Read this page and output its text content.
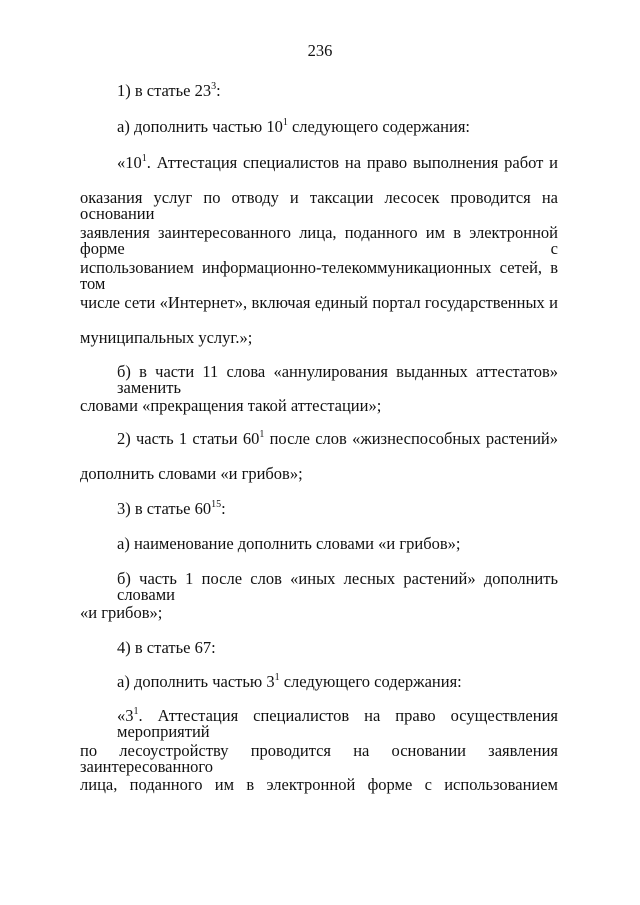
236
1) в статье $23^3$:
а) дополнить частью $10^1$ следующего содержания:
«$10^1$. Аттестация специалистов на право выполнения работ и
оказания услуг по отводу и таксации лесосек проводится на основании
заявления заинтересованного лица, поданного им в электронной форме с
использованием информационно-телекоммуникационных сетей, в том
числе сети «Интернет», включая единый портал государственных и
муниципальных услуг.»;
б) в части 11 слова «аннулирования выданных аттестатов» заменить
словами «прекращения такой аттестации»;
2) часть 1 статьи $60^1$ после слов «жизнеспособных растений»
дополнить словами «и грибов»;
3) в статье $60^{15}$:
а) наименование дополнить словами «и грибов»;
б) часть 1 после слов «иных лесных растений» дополнить словами
«и грибов»;
4) в статье 67:
а) дополнить частью $3^1$ следующего содержания:
«$3^1$. Аттестация специалистов на право осуществления мероприятий
по лесоустройству проводится на основании заявления заинтересованного
лица, поданного им в электронной форме с использованием
